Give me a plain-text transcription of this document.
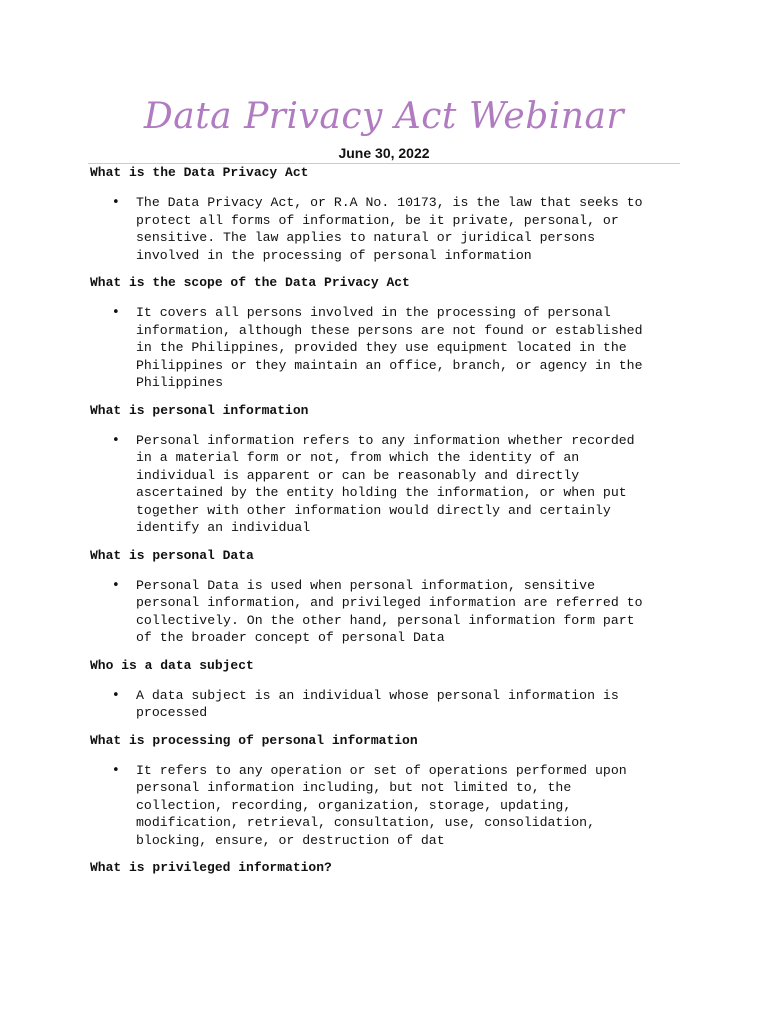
Data Privacy Act Webinar
June 30, 2022

What is the Data Privacy Act

• The Data Privacy Act, or R.A No. 10173, is the law that seeks to
protect all forms of information, be it private, personal, or
sensitive. The law applies to natural or juridical persons
involved in the processing of personal information

What is the scope of the Data Privacy Act

• It covers all persons involved in the processing of personal
information, although these persons are not found or established
in the Philippines, provided they use equipment located in the
Philippines or they maintain an office, branch, or agency in the
Philippines

What is personal information

• Personal information refers to any information whether recorded
in a material form or not, from which the identity of an
individual is apparent or can be reasonably and directly
ascertained by the entity holding the information, or when put
together with other information would directly and certainly
identify an individual

What is personal Data

• Personal Data is used when personal information, sensitive
personal information, and privileged information are referred to
collectively. On the other hand, personal information form part
of the broader concept of personal Data

Who is a data subject

• A data subject is an individual whose personal information is
processed

What is processing of personal information

• It refers to any operation or set of operations performed upon
personal information including, but not limited to, the
collection, recording, organization, storage, updating,
modification, retrieval, consultation, use, consolidation,
blocking, ensure, or destruction of dat

What is privileged information?
